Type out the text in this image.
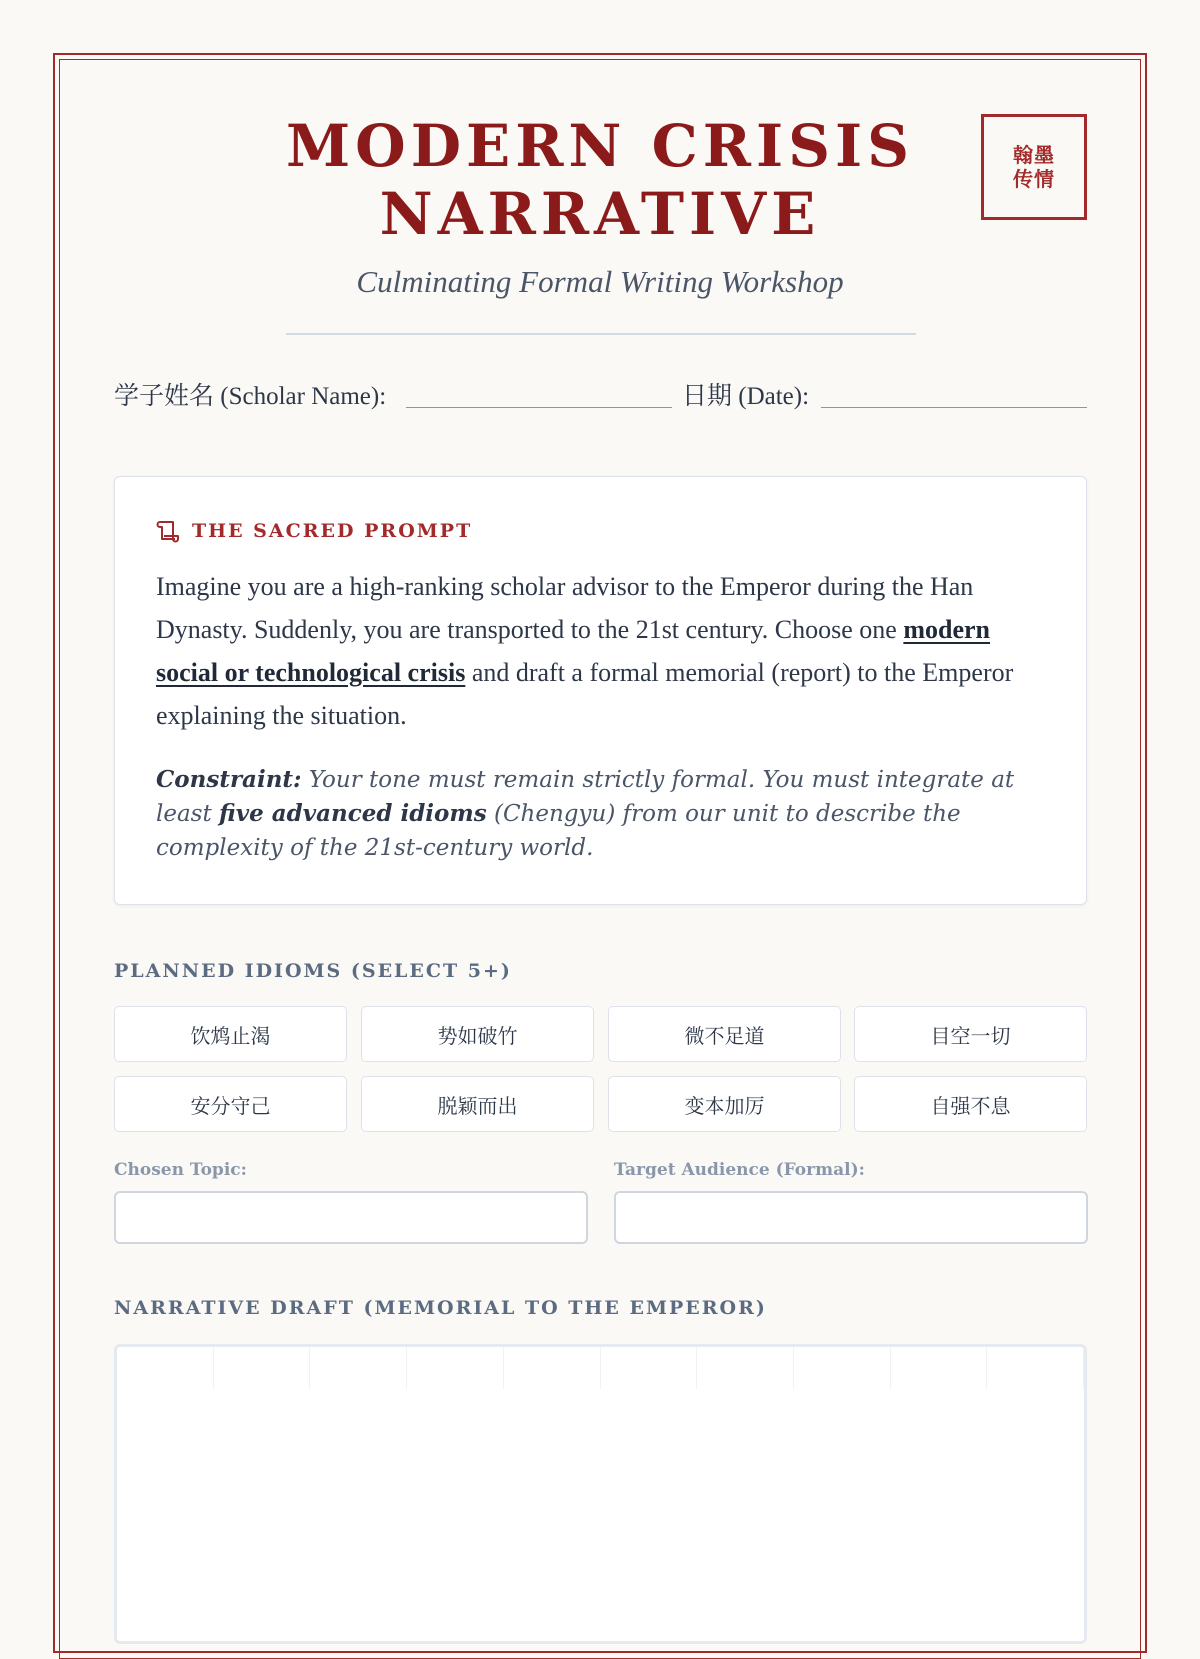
翰墨
传情
MODERN CRISIS
NARRATIVE

Culminating Formal Writing Workshop

学子姓名 (Scholar Name):	日期 (Date):
THE SACRED PROMPT

Imagine you are a high-ranking scholar advisor to the Emperor during the Han Dynasty. Suddenly, you are transported to the 21st century. Choose one modern social or technological crisis and draft a formal memorial (report) to the Emperor explaining the situation.

Constraint: Your tone must remain strictly formal. You must integrate at least five advanced idioms (Chengyu) from our unit to describe the complexity of the 21st-century world.

PLANNED IDIOMS (SELECT 5+)
饮鸩止渴	势如破竹	微不足道	目空一切
安分守己	脱颖而出	变本加厉	自强不息
Chosen Topic:	Target Audience (Formal):
NARRATIVE DRAFT (MEMORIAL TO THE EMPEROR)
